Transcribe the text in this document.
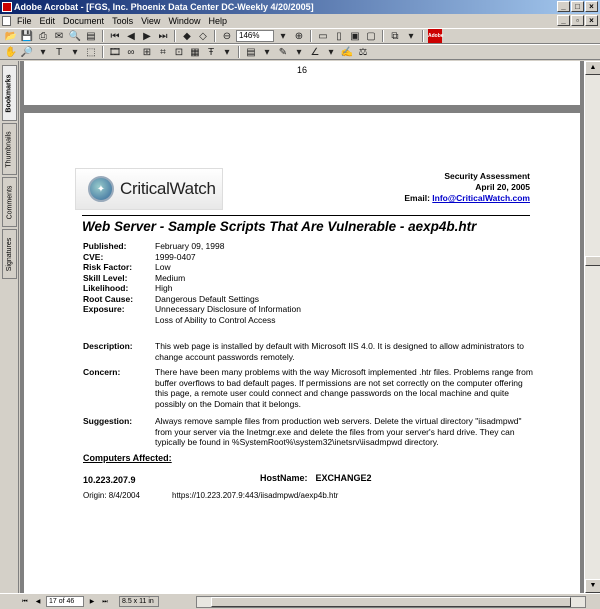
Adobe Acrobat - [FGS, Inc. Phoenix Data Center DC-Weekly 4/20/2005]	_	□	×
File Edit Document Tools View Window Help	_	▫	×
📂 💾 ⎙ ✉ 🔍 ▤ ⏮ ◀ ▶ ⏭	◆ ◇	⊖ 146%	▾ ⊕ ▭ ▯ ▣ ▢	⧉ ▾	Adobe
✋ 🔎 ▾	T	▾ ⬚ 🎞 ∞ ⊞ ⌗ ⊡ ▦ Ŧ	▾	▤ ▾ ✎ ▾ ∠ ▾ ✍ ⚖
Bookmarks
Thumbnails
Comments
Signatures
16
✦ CriticalWatch
Security Assessment
April 20, 2005
Email: Info@CriticalWatch.com
Web Server - Sample Scripts That Are Vulnerable - aexp4b.htr
Published:	February 09, 1998
CVE:	1999-0407
Risk Factor:	Low
Skill Level:	Medium
Likelihood:	High
Root Cause:	Dangerous Default Settings
Exposure:	Unnecessary Disclosure of Information
Loss of Ability to Control Access
Description:	This web page is installed by default with Microsoft IIS 4.0. It is designed to allow administrators to change account passwords remotely.
Concern:	There have been many problems with the way Microsoft implemented .htr files. Problems range from buffer overflows to bad default pages. If permissions are not set correctly on the computer offering this page, a remote user could connect and change passwords on the local machine and quite possibly on the Domain that it belongs.
Suggestion:	Always remove sample files from production web servers. Delete the virtual directory "iisadmpwd" from your server via the Inetmgr.exe and delete the files from your server's hard drive. They can typically be found in %SystemRoot%\system32\inetsrv\iisadmpwd directory.
Computers Affected:
10.223.207.9	HostName: EXCHANGE2
Origin: 8/4/2004	https://10.223.207.9:443/iisadmpwd/aexp4b.htr
▲
▼
⏮	◀	17 of 46	▶	⏭	8.5 x 11 in
